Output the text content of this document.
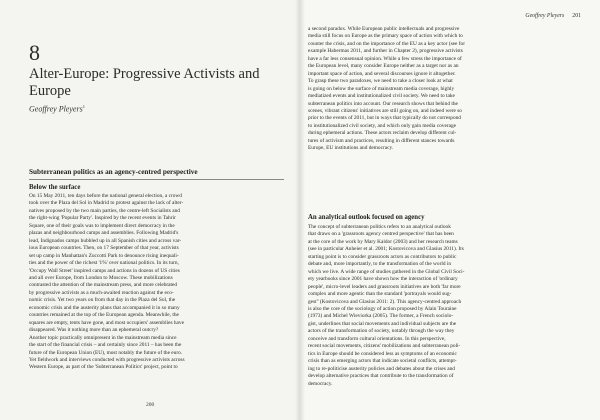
8
Alter-Europe: Progressive Activists and Europe
Geoffrey Pleyers$^1$
Subterranean politics as an agency-centred perspective
Below the surface
On 15 May 2011, ten days before the national general election, a crowd
took over the Plaza del Sol in Madrid to protest against the lack of alter-
natives proposed by the two main parties, the centre-left Socialists and
the right-wing 'Popular Party'. Inspired by the recent events in Tahrir
Square, one of their goals was to implement direct democracy in the
plazas and neighbourhood camps and assemblies. Following Madrid's
lead, Indignados camps bubbled up in all Spanish cities and across var-
ious European countries. Then, on 17 September of that year, activists
set up camp in Manhattan's Zuccotti Park to denounce rising inequali-
ties and the power of the richest '1%' over national politics. In its turn,
'Occupy Wall Street' inspired camps and actions in dozens of US cities
and all over Europe, from London to Moscow. These mobilizations
contrasted the attention of the mainstream press, and more celebrated
by progressive activists as a much-awaited reaction against the eco-
nomic crisis. Yet two years on from that day in the Plaza del Sol, the
economic crisis and the austerity plans that accompanied it in so many
countries remained at the top of the European agenda. Meanwhile, the
squares are empty, tents have gone, and most occupiers' assemblies have
disappeared. Was it nothing more than an ephemeral outcry?
Another topic practically omnipresent in the mainstream media since
the start of the financial crisis – and certainly since 2011 – has been the
future of the European Union (EU), most notably the future of the euro.
Yet fieldwork and interviews conducted with progressive activists across
Western Europe, as part of the 'Subterranean Politics' project, point to
200
Geoffrey Pleyers 201
a second paradox. While European public intellectuals and progressive
media still focus on Europe as the primary space of action with which to
counter the crisis, and on the importance of the EU as a key actor (see for
example Habermas 2011, and further in Chapter 2), progressive activists
have a far less consensual opinion. While a few stress the importance of
the European level, many consider Europe neither as a target nor as an
important space of action, and several discourses ignore it altogether.
To grasp these two paradoxes, we need to take a closer look at what
is going on below the surface of mainstream media coverage, highly
mediatized events and institutionalized civil society. We need to take
subterranean politics into account. Our research shows that behind the
scenes, vibrant citizens' initiatives are still going on, and indeed were so
prior to the events of 2011, but in ways that typically do not correspond
to institutionalized civil society, and which only gain media coverage
during ephemeral actions. These actors reclaim develop different cul-
tures of activism and practices, resulting in different stances towards
Europe, EU institutions and democracy.
An analytical outlook focused on agency
The concept of subterranean politics refers to an analytical outlook
that draws on a 'grassroots agency centred perspective' that has been
at the core of the work by Mary Kaldor (2003) and her research teams
(see in particular Anheier et al. 2001; Kostovicova and Glasius 2011). Its
starting point is to consider grassroots actors as contributors to public
debate and, more importantly, to the transformation of the world in
which we live. A wide range of studies gathered in the Global Civil Soci-
ety yearbooks since 2001 have shown how the interaction of 'ordinary
people', micro-level leaders and grassroots initiatives are both 'far more
complex and more agentic than the standard 'portrayals would sug-
gest'' (Kostovicova and Glasius 2011: 2). This agency-centred approach
is also the core of the sociology of action proposed by Alain Touraine
(1973) and Michel Wieviorka (2005). The former, a French sociolo-
gist, underlines that social movements and individual subjects are the
actors of the transformation of society, notably through the way they
conceive and transform cultural orientations. In this perspective,
recent social movements, citizens' mobilizations and subterranean poli-
tics in Europe should be considered less as symptoms of an economic
crisis than as emerging actors that indicate societal conflicts, attempt-
ing to re-politicise austerity policies and debates about the crises and
develop alternative practices that contribute to the transformation of
democracy.
